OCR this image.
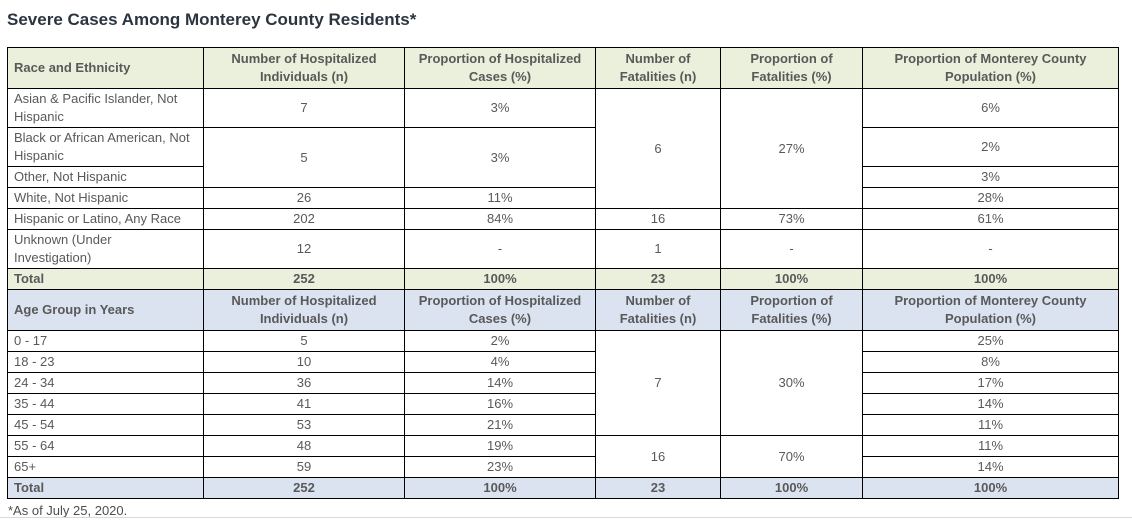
Severe Cases Among Monterey County Residents*
Race and Ethnicity	Number of Hospitalized Individuals (n)	Proportion of Hospitalized Cases (%)	Number of Fatalities (n)	Proportion of Fatalities (%)	Proportion of Monterey County Population (%)
Asian & Pacific Islander, Not Hispanic	7	3%	6	27%	6%
Black or African American, Not Hispanic	5	3%			2%
Other, Not Hispanic					3%
White, Not Hispanic	26	11%			28%
Hispanic or Latino, Any Race	202	84%	16	73%	61%
Unknown (Under Investigation)	12	-	1	-	-
Total	252	100%	23	100%	100%
Age Group in Years	Number of Hospitalized Individuals (n)	Proportion of Hospitalized Cases (%)	Number of Fatalities (n)	Proportion of Fatalities (%)	Proportion of Monterey County Population (%)
0 - 17	5	2%	7	30%	25%
18 - 23	10	4%			8%
24 - 34	36	14%			17%
35 - 44	41	16%			14%
45 - 54	53	21%			11%
55 - 64	48	19%	16	70%	11%
65+	59	23%			14%
Total	252	100%	23	100%	100%
*As of July 25, 2020.
